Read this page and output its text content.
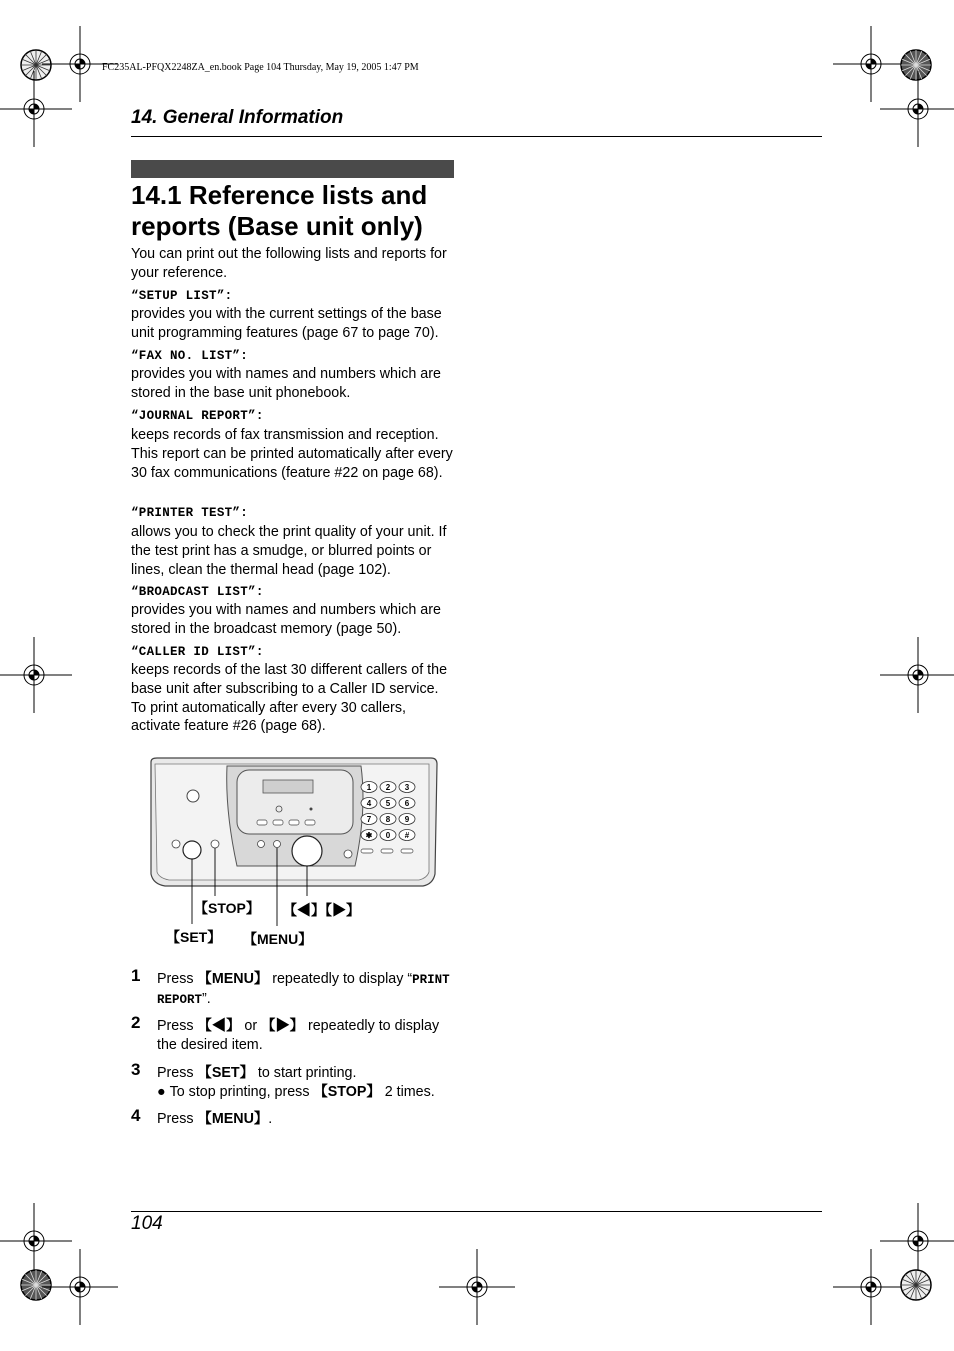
FC235AL-PFQX2248ZA_en.book Page 104 Thursday, May 19, 2005 1:47 PM
14. General Information
14.1 Reference lists and
reports (Base unit only)
You can print out the following lists and reports for your reference.
“SETUP LIST”:
provides you with the current settings of the base unit programming features (page 67 to page 70).
“FAX NO. LIST”:
provides you with names and numbers which are stored in the base unit phonebook.
“JOURNAL REPORT”:
keeps records of fax transmission and reception. This report can be printed automatically after every 30 fax communications (feature #22 on page 68).
“PRINTER TEST”:
allows you to check the print quality of your unit. If the test print has a smudge, or blurred points or lines, clean the thermal head (page 102).
“BROADCAST LIST”:
provides you with names and numbers which are stored in the broadcast memory (page 50).
“CALLER ID LIST”:
keeps records of the last 30 different callers of the base unit after subscribing to a Caller ID service. To print automatically after every 30 callers, activate feature #26 (page 68).
1 2 3
4 5 6
7 8 9
✱ 0 #
【STOP】 【◀】【▶】
【SET】 【MENU】
1 Press 【MENU】 repeatedly to display “PRINT REPORT”.
2 Press 【◀】 or 【▶】 repeatedly to display the desired item.
3 Press 【SET】 to start printing.
● To stop printing, press 【STOP】 2 times.
4 Press 【MENU】.
104
